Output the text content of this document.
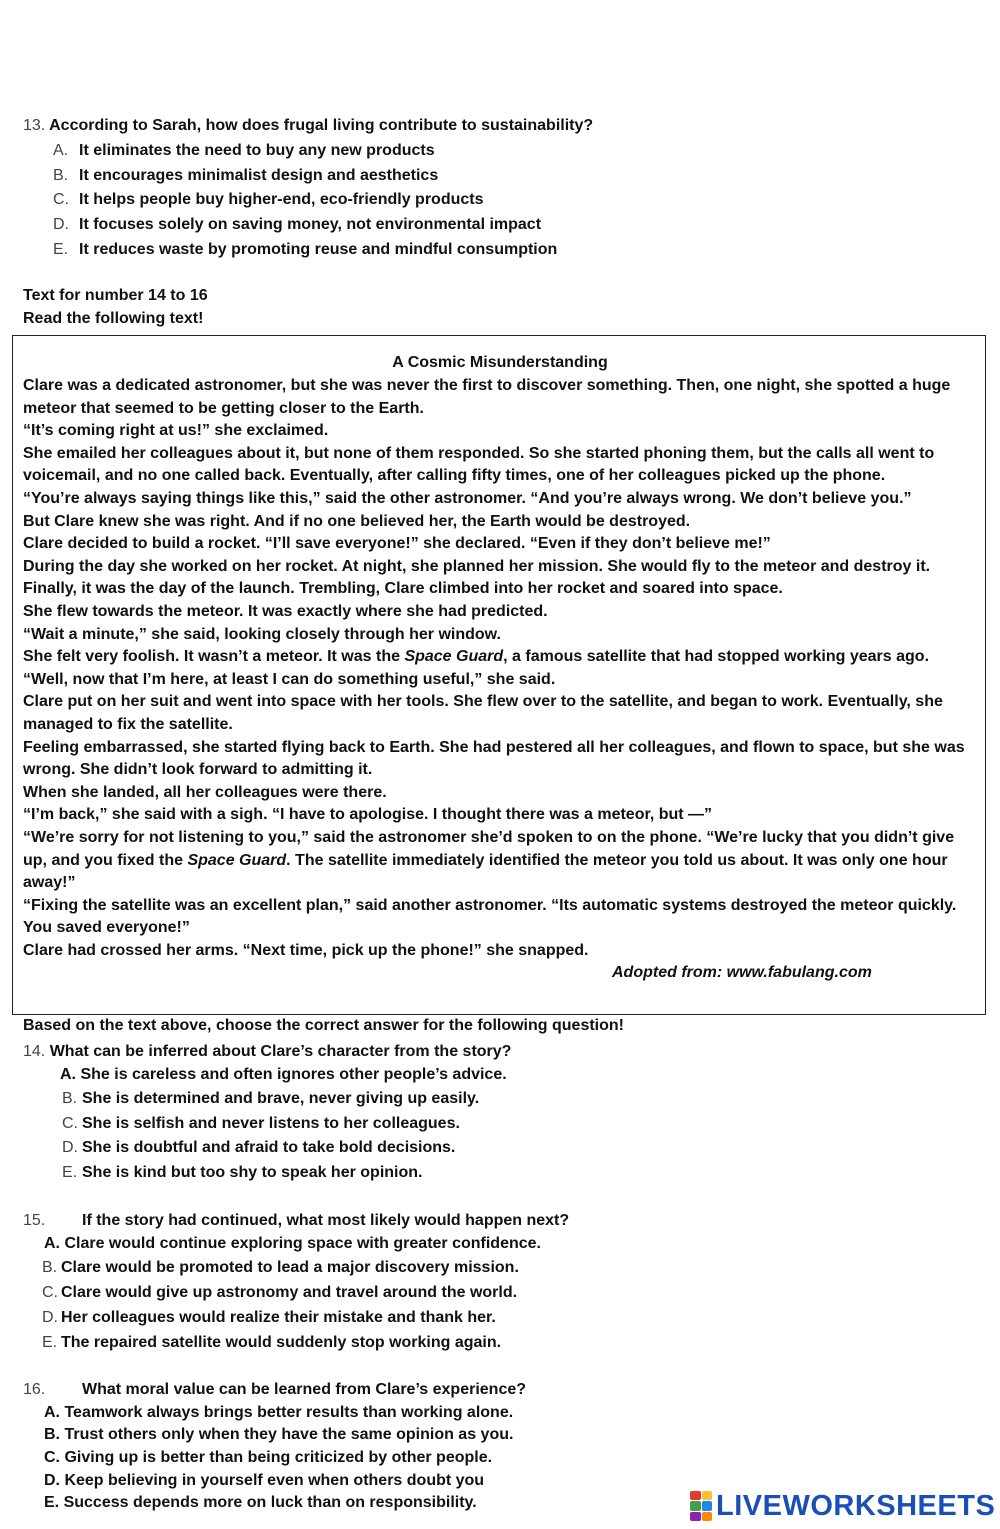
13. According to Sarah, how does frugal living contribute to sustainability?
A. It eliminates the need to buy any new products
B. It encourages minimalist design and aesthetics
C. It helps people buy higher-end, eco-friendly products
D. It focuses solely on saving money, not environmental impact
E. It reduces waste by promoting reuse and mindful consumption
Text for number 14 to 16
Read the following text!
A Cosmic Misunderstanding
Clare was a dedicated astronomer, but she was never the first to discover something. Then, one night, she spotted a huge
meteor that seemed to be getting closer to the Earth.
“It’s coming right at us!” she exclaimed.
She emailed her colleagues about it, but none of them responded. So she started phoning them, but the calls all went to
voicemail, and no one called back. Eventually, after calling fifty times, one of her colleagues picked up the phone.
“You’re always saying things like this,” said the other astronomer. “And you’re always wrong. We don’t believe you.”
But Clare knew she was right. And if no one believed her, the Earth would be destroyed.
Clare decided to build a rocket. “I’ll save everyone!” she declared. “Even if they don’t believe me!”
During the day she worked on her rocket. At night, she planned her mission. She would fly to the meteor and destroy it.
Finally, it was the day of the launch. Trembling, Clare climbed into her rocket and soared into space.
She flew towards the meteor. It was exactly where she had predicted.
“Wait a minute,” she said, looking closely through her window.
She felt very foolish. It wasn’t a meteor. It was the Space Guard, a famous satellite that had stopped working years ago.
“Well, now that I’m here, at least I can do something useful,” she said.
Clare put on her suit and went into space with her tools. She flew over to the satellite, and began to work. Eventually, she
managed to fix the satellite.
Feeling embarrassed, she started flying back to Earth. She had pestered all her colleagues, and flown to space, but she was
wrong. She didn’t look forward to admitting it.
When she landed, all her colleagues were there.
“I’m back,” she said with a sigh. “I have to apologise. I thought there was a meteor, but —”
“We’re sorry for not listening to you,” said the astronomer she’d spoken to on the phone. “We’re lucky that you didn’t give
up, and you fixed the Space Guard. The satellite immediately identified the meteor you told us about. It was only one hour
away!”
“Fixing the satellite was an excellent plan,” said another astronomer. “Its automatic systems destroyed the meteor quickly.
You saved everyone!”
Clare had crossed her arms. “Next time, pick up the phone!” she snapped.
Adopted from: www.fabulang.com
Based on the text above, choose the correct answer for the following question!
14. What can be inferred about Clare’s character from the story?
A. She is careless and often ignores other people’s advice.
B. She is determined and brave, never giving up easily.
C. She is selfish and never listens to her colleagues.
D. She is doubtful and afraid to take bold decisions.
E. She is kind but too shy to speak her opinion.
15. If the story had continued, what most likely would happen next?
A. Clare would continue exploring space with greater confidence.
B. Clare would be promoted to lead a major discovery mission.
C. Clare would give up astronomy and travel around the world.
D. Her colleagues would realize their mistake and thank her.
E. The repaired satellite would suddenly stop working again.
16. What moral value can be learned from Clare’s experience?
A. Teamwork always brings better results than working alone.
B. Trust others only when they have the same opinion as you.
C. Giving up is better than being criticized by other people.
D. Keep believing in yourself even when others doubt you
E. Success depends more on luck than on responsibility.	LIVEWORKSHEETS
